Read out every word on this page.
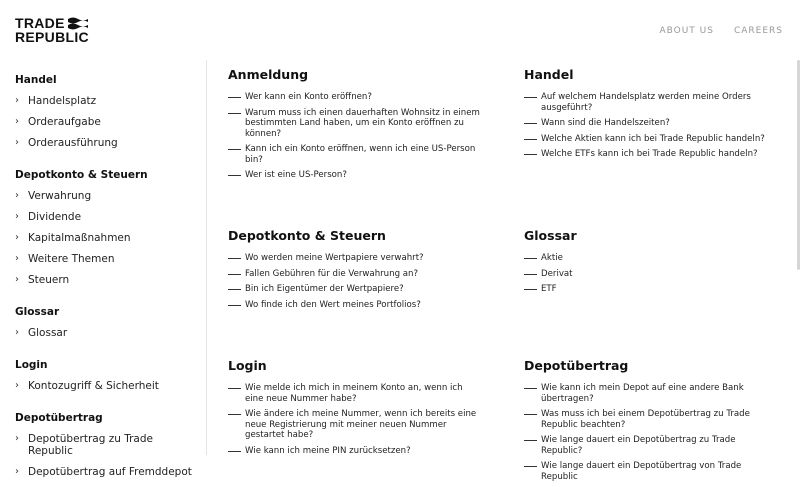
TRADE
REPUBLIC	ABOUT US CAREERS
Handel
› Handelsplatz
› Orderaufgabe
› Orderausführung
Depotkonto & Steuern
› Verwahrung
› Dividende
› Kapitalmaßnahmen
› Weitere Themen
› Steuern
Glossar
› Glossar
Login
› Kontozugriff & Sicherheit
Depotübertrag
› Depotübertrag zu Trade Republic
› Depotübertrag auf Fremddepot
Anmeldung
Wer kann ein Konto eröffnen?
Warum muss ich einen dauerhaften Wohnsitz in einem bestimmten Land haben, um ein Konto eröffnen zu können?
Kann ich ein Konto eröffnen, wenn ich eine US-Person bin?
Wer ist eine US-Person?
Handel
Auf welchem Handelsplatz werden meine Orders ausgeführt?
Wann sind die Handelszeiten?
Welche Aktien kann ich bei Trade Republic handeln?
Welche ETFs kann ich bei Trade Republic handeln?
Depotkonto & Steuern
Wo werden meine Wertpapiere verwahrt?
Fallen Gebühren für die Verwahrung an?
Bin ich Eigentümer der Wertpapiere?
Wo finde ich den Wert meines Portfolios?
Glossar
Aktie
Derivat
ETF
Login
Wie melde ich mich in meinem Konto an, wenn ich eine neue Nummer habe?
Wie ändere ich meine Nummer, wenn ich bereits eine neue Registrierung mit meiner neuen Nummer gestartet habe?
Wie kann ich meine PIN zurücksetzen?
Depotübertrag
Wie kann ich mein Depot auf eine andere Bank übertragen?
Was muss ich bei einem Depotübertrag zu Trade Republic beachten?
Wie lange dauert ein Depotübertrag zu Trade Republic?
Wie lange dauert ein Depotübertrag von Trade Republic
